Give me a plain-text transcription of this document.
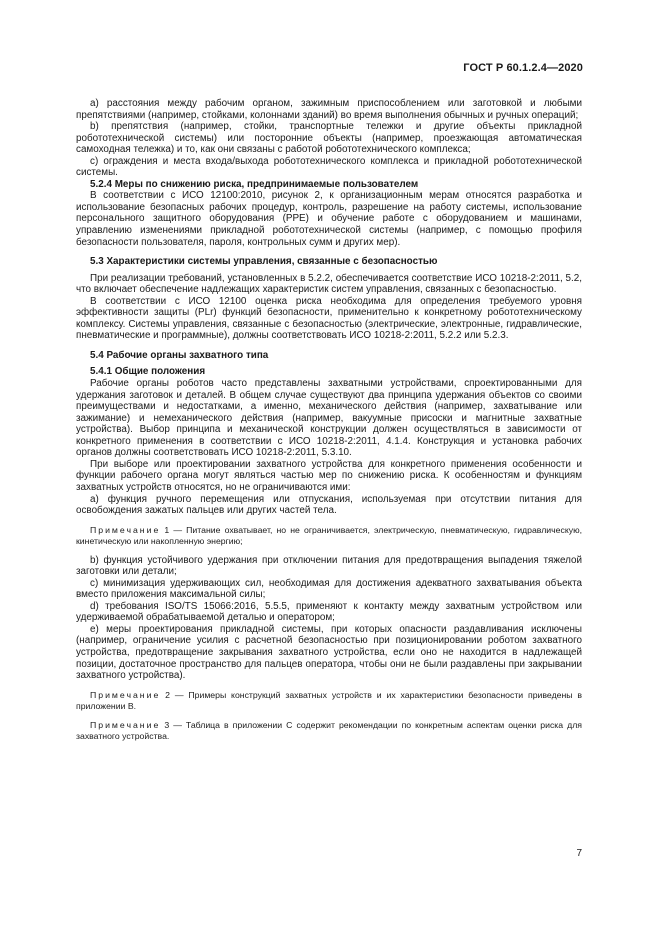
ГОСТ Р 60.1.2.4—2020

a) расстояния между рабочим органом, зажимным приспособлением или заготовкой и любыми препятствиями (например, стойками, колоннами зданий) во время выполнения обычных и ручных операций;

b) препятствия (например, стойки, транспортные тележки и другие объекты прикладной робототехнической системы) или посторонние объекты (например, проезжающая автоматическая самоходная тележка) и то, как они связаны с работой робототехнического комплекса;

c) ограждения и места входа/выхода робототехнического комплекса и прикладной робототехнической системы.

5.2.4 Меры по снижению риска, предпринимаемые пользователем

В соответствии с ИСО 12100:2010, рисунок 2, к организационным мерам относятся разработка и использование безопасных рабочих процедур, контроль, разрешение на работу системы, использование персонального защитного оборудования (PPE) и обучение работе с оборудованием и машинами, управлению изменениями прикладной робототехнической системы (например, с помощью профиля безопасности пользователя, пароля, контрольных сумм и других мер).

5.3 Характеристики системы управления, связанные с безопасностью

При реализации требований, установленных в 5.2.2, обеспечивается соответствие ИСО 10218-2:2011, 5.2, что включает обеспечение надлежащих характеристик систем управления, связанных с безопасностью.

В соответствии с ИСО 12100 оценка риска необходима для определения требуемого уровня эффективности защиты (PLr) функций безопасности, применительно к конкретному робототехническому комплексу. Системы управления, связанные с безопасностью (электрические, электронные, гидравлические, пневматические и программные), должны соответствовать ИСО 10218-2:2011, 5.2.2 или 5.2.3.

5.4 Рабочие органы захватного типа
5.4.1 Общие положения

Рабочие органы роботов часто представлены захватными устройствами, спроектированными для удержания заготовок и деталей. В общем случае существуют два принципа удержания объектов со своими преимуществами и недостатками, а именно, механического действия (например, захватывание или зажимание) и немеханического действия (например, вакуумные присоски и магнитные захватные устройства). Выбор принципа и механической конструкции должен осуществляться в зависимости от конкретного применения в соответствии с ИСО 10218-2:2011, 4.1.4. Конструкция и установка рабочих органов должны соответствовать ИСО 10218-2:2011, 5.3.10.

При выборе или проектировании захватного устройства для конкретного применения особенности и функции рабочего органа могут являться частью мер по снижению риска. К особенностям и функциям захватных устройств относятся, но не ограничиваются ими:

a) функция ручного перемещения или отпускания, используемая при отсутствии питания для освобождения зажатых пальцев или других частей тела.

Примечание 1 — Питание охватывает, но не ограничивается, электрическую, пневматическую, гидравлическую, кинетическую или накопленную энергию;

b) функция устойчивого удержания при отключении питания для предотвращения выпадения тяжелой заготовки или детали;

c) минимизация удерживающих сил, необходимая для достижения адекватного захватывания объекта вместо приложения максимальной силы;

d) требования ISO/TS 15066:2016, 5.5.5, применяют к контакту между захватным устройством или удерживаемой обрабатываемой деталью и оператором;

e) меры проектирования прикладной системы, при которых опасности раздавливания исключены (например, ограничение усилия с расчетной безопасностью при позиционировании роботом захватного устройства, предотвращение закрывания захватного устройства, если оно не находится в надлежащей позиции, достаточное пространство для пальцев оператора, чтобы они не были раздавлены при закрывании захватного устройства).

Примечание 2 — Примеры конструкций захватных устройств и их характеристики безопасности приведены в приложении B.

Примечание 3 — Таблица в приложении C содержит рекомендации по конкретным аспектам оценки риска для захватного устройства.

7
